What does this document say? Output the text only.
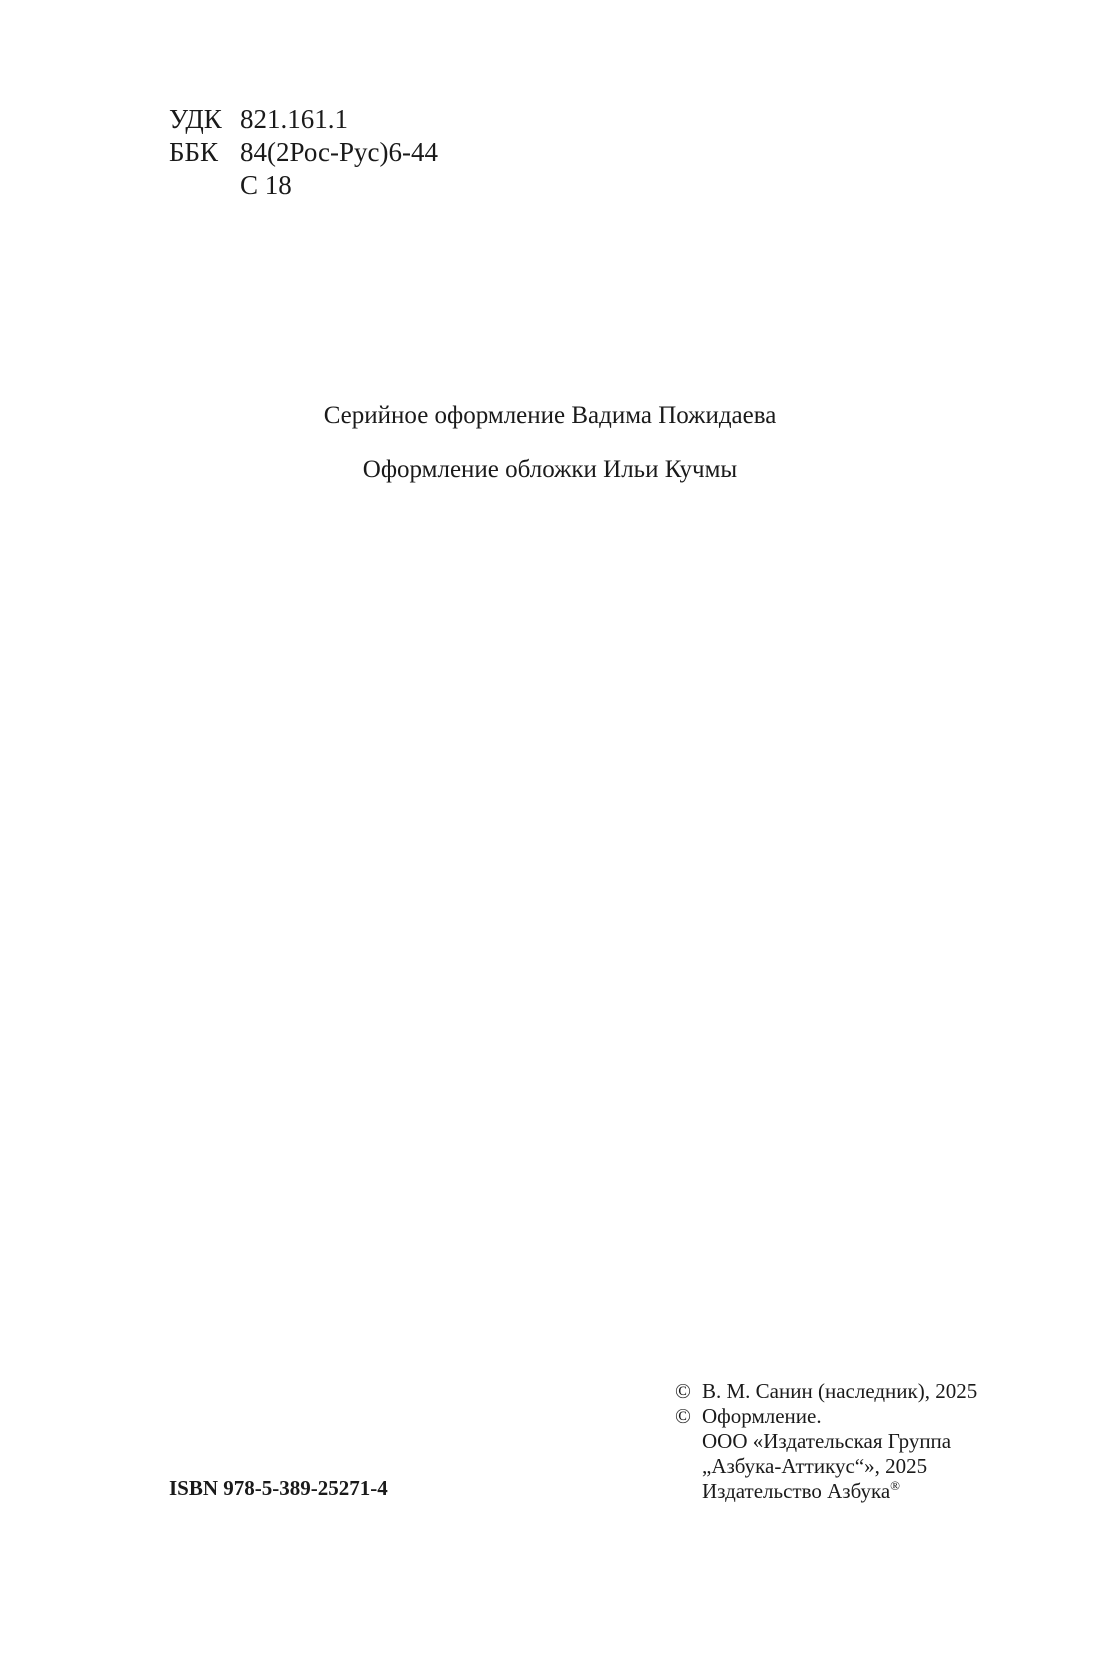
УДК 821.161.1
ББК 84(2Рос-Рус)6-44
С 18
Серийное оформление Вадима Пожидаева
Оформление обложки Ильи Кучмы
ISBN 978-5-389-25271-4
© В. М. Санин (наследник), 2025
© Оформление.
ООО «Издательская Группа
„Азбука-Аттикус“», 2025
Издательство Азбука®
